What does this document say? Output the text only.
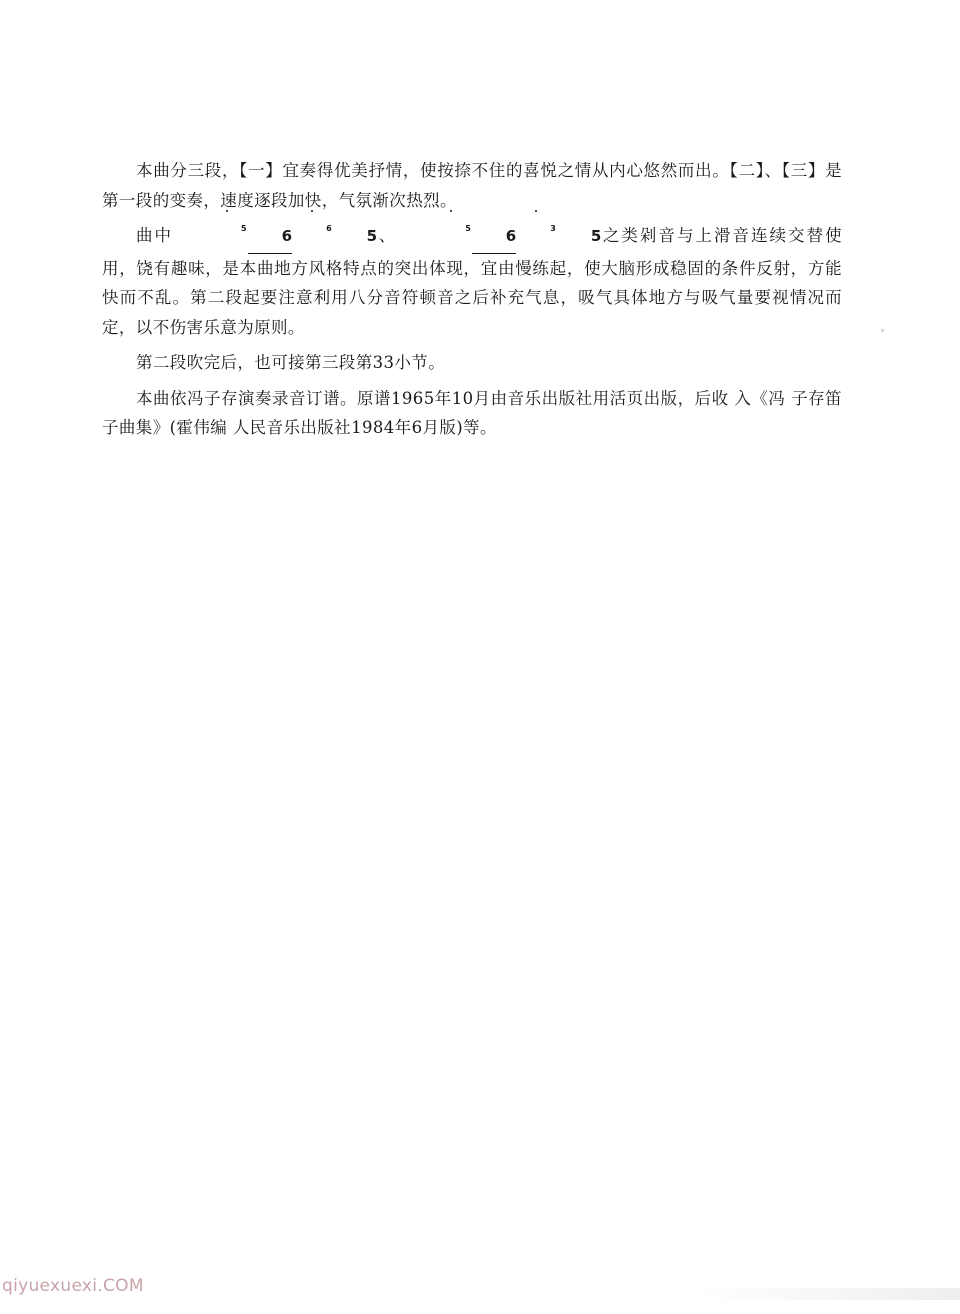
本曲分三段，【一】宜奏得优美抒情，使按捺不住的喜悦之情从内心悠然而出。【二】、【三】是第一段的变奏，速度逐段加快，气氛渐次热烈。

曲中	5 6	6 5、	5 6	3 5之类剁音与上滑音连续交替使用，饶有趣味，是本曲地方风格特点的突出体现，宜由慢练起，使大脑形成稳固的条件反射，方能快而不乱。第二段起要注意利用八分音符顿音之后补充气息，吸气具体地方与吸气量要视情况而定，以不伤害乐意为原则。

第二段吹完后，也可接第三段第33小节。

本曲依冯子存演奏录音订谱。原谱1965年10月由音乐出版社用活页出版，后收 入《冯 子存笛子曲集》(霍伟编 人民音乐出版社1984年6月版)等。

qiyuexuexi.COM
